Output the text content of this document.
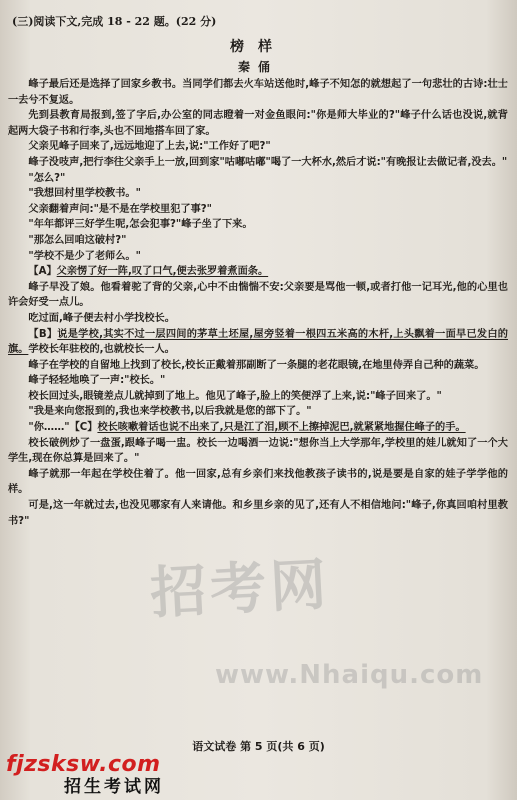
(三)阅读下文,完成 18 - 22 题。(22 分)
榜样
秦俑

峰子最后还是选择了回家乡教书。当同学们都去火车站送他时,峰子不知怎的就想起了一句悲壮的古诗:壮士一去兮不复返。

先到县教育局报到,签了字后,办公室的同志瞪着一对金鱼眼问:"你是师大毕业的?"峰子什么话也没说,就背起两大袋子书和行李,头也不回地搭车回了家。

父亲见峰子回来了,远远地迎了上去,说:"工作好了吧?"

峰子没吱声,把行李往父亲手上一放,回到家"咕嘟咕嘟"喝了一大杯水,然后才说:"有晚报让去做记者,没去。"

"怎么?"

"我想回村里学校教书。"

父亲翻着声问:"是不是在学校里犯了事?"

"年年都评三好学生呢,怎会犯事?"峰子坐了下来。

"那怎么回咱这破村?"

"学校不是少了老师么。"

【A】父亲愣了好一阵,叹了口气,便去张罗着煮面条。

峰子早没了娘。他看着驼了背的父亲,心中不由惴惴不安:父亲要是骂他一顿,或者打他一记耳光,他的心里也许会好受一点儿。

吃过面,峰子便去村小学找校长。

【B】说是学校,其实不过一层四间的茅草土坯屋,屋旁竖着一根四五米高的木杆,上头飘着一面早已发白的旗。学校长年驻校的,也就校长一人。

峰子在学校的自留地上找到了校长,校长正戴着那副断了一条腿的老花眼镜,在地里侍弄自己种的蔬菜。

峰子轻轻地唤了一声:"校长。"

校长回过头,眼镜差点儿就掉到了地上。他见了峰子,脸上的笑便浮了上来,说:"峰子回来了。"

"我是来向您报到的,我也来学校教书,以后我就是您的部下了。"

"你……"【C】校长咳嗽着话也说不出来了,只是江了泪,顾不上擦掉泥巴,就紧紧地握住峰子的手。

校长破例炒了一盘蛋,跟峰子喝一盅。校长一边喝酒一边说:"想你当上大学那年,学校里的娃儿就知了一个大学生,现在你总算是回来了。"

峰子就那一年起在学校住着了。他一回家,总有乡亲们来找他教孩子读书的,说是要是自家的娃子学学他的样。

可是,这一年就过去,也没见哪家有人来请他。和乡里乡亲的见了,还有人不相信地问:"峰子,你真回咱村里教书?"

招考网
www.Nhaiqu.com
语文试卷 第 5 页(共 6 页)
fjzsksw.com
招生考试网
